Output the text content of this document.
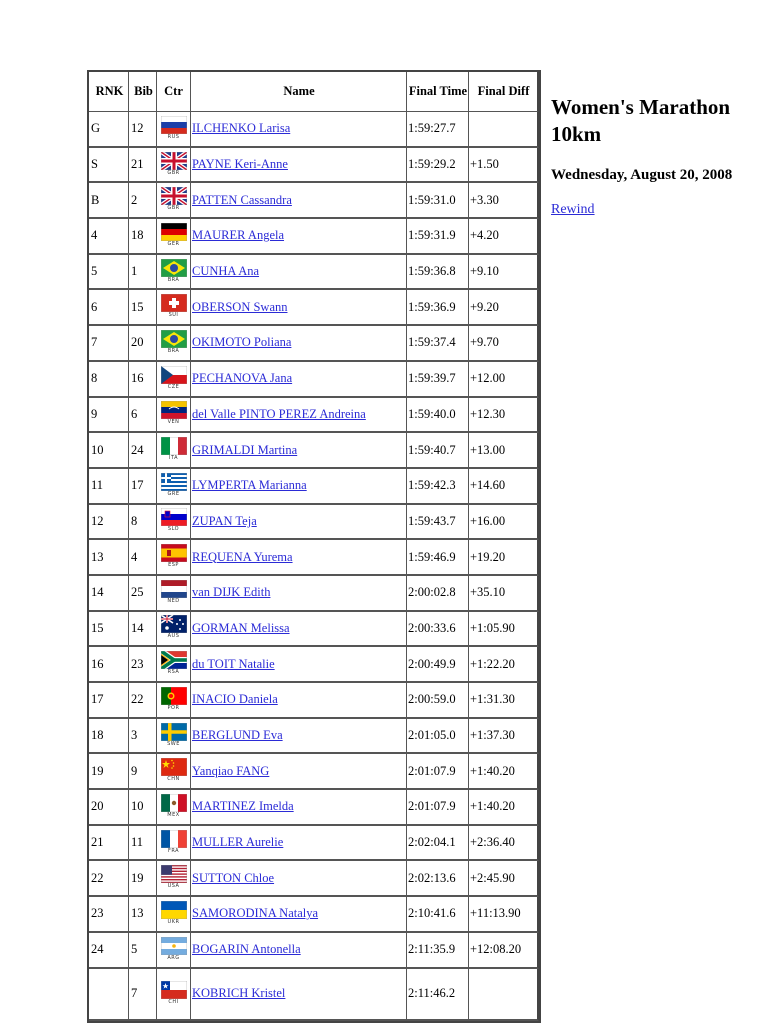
RNK	Bib	Ctr	Name	Final Time	Final Diff
G	12	RUS	ILCHENKO Larisa	1:59:27.7	
S	21	GBR	PAYNE Keri-Anne	1:59:29.2	+1.50
B	2	GBR	PATTEN Cassandra	1:59:31.0	+3.30
4	18	GER	MAURER Angela	1:59:31.9	+4.20
5	1	BRA	CUNHA Ana	1:59:36.8	+9.10
6	15	SUI	OBERSON Swann	1:59:36.9	+9.20
7	20	BRA	OKIMOTO Poliana	1:59:37.4	+9.70
8	16	CZE	PECHANOVA Jana	1:59:39.7	+12.00
9	6	VEN	del Valle PINTO PEREZ Andreina	1:59:40.0	+12.30
10	24	ITA	GRIMALDI Martina	1:59:40.7	+13.00
11	17	GRE	LYMPERTA Marianna	1:59:42.3	+14.60
12	8	SLO	ZUPAN Teja	1:59:43.7	+16.00
13	4	ESP	REQUENA Yurema	1:59:46.9	+19.20
14	25	NED	van DIJK Edith	2:00:02.8	+35.10
15	14	AUS	GORMAN Melissa	2:00:33.6	+1:05.90
16	23	RSA	du TOIT Natalie	2:00:49.9	+1:22.20
17	22	POR	INACIO Daniela	2:00:59.0	+1:31.30
18	3	SWE	BERGLUND Eva	2:01:05.0	+1:37.30
19	9	CHN	Yanqiao FANG	2:01:07.9	+1:40.20
20	10	MEX	MARTINEZ Imelda	2:01:07.9	+1:40.20
21	11	FRA	MULLER Aurelie	2:02:04.1	+2:36.40
22	19	USA	SUTTON Chloe	2:02:13.6	+2:45.90
23	13	UKR	SAMORODINA Natalya	2:10:41.6	+11:13.90
24	5	ARG	BOGARIN Antonella	2:11:35.9	+12:08.20
	7	CHI	KOBRICH Kristel	2:11:46.2	
Women's Marathon 10km
Wednesday, August 20, 2008
Rewind
